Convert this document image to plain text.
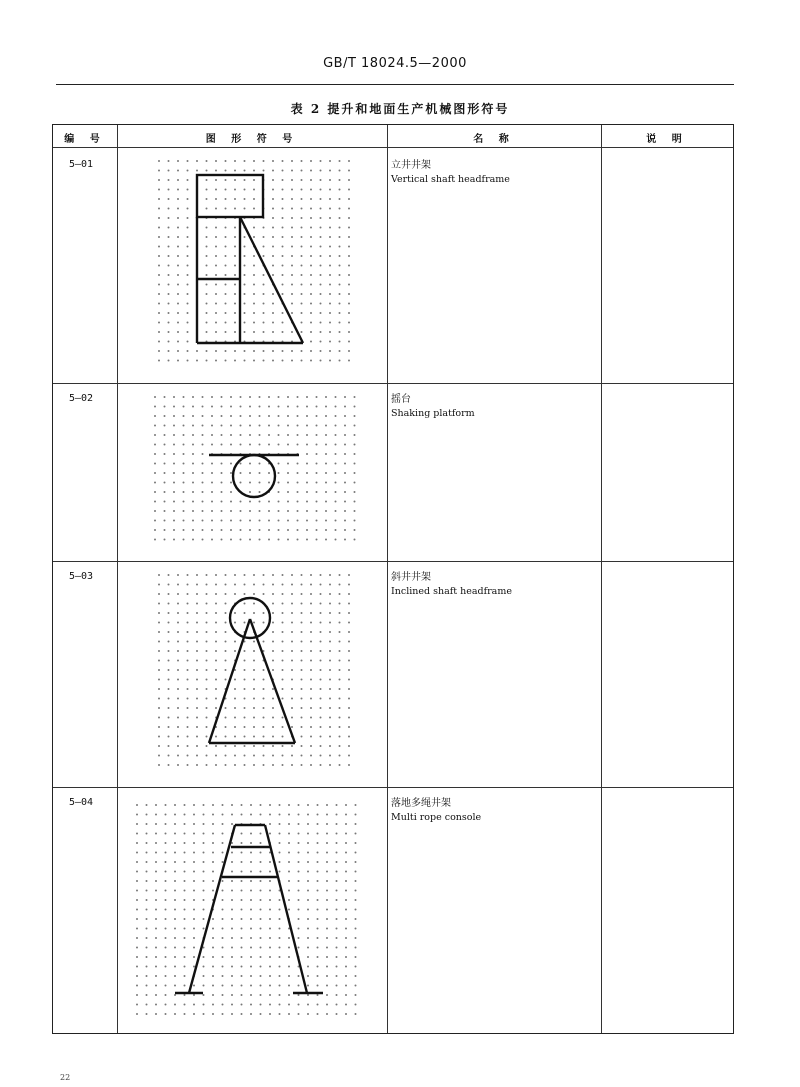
GB/T 18024.5—2000
表 2 提升和地面生产机械图形符号
编 号	图 形 符 号	名 称	说 明
5—01	立井井架
Vertical shaft headframe
5—02	摇台
Shaking platform
5—03	斜井井架
Inclined shaft headframe
5—04	落地多绳井架
Multi rope console
22
